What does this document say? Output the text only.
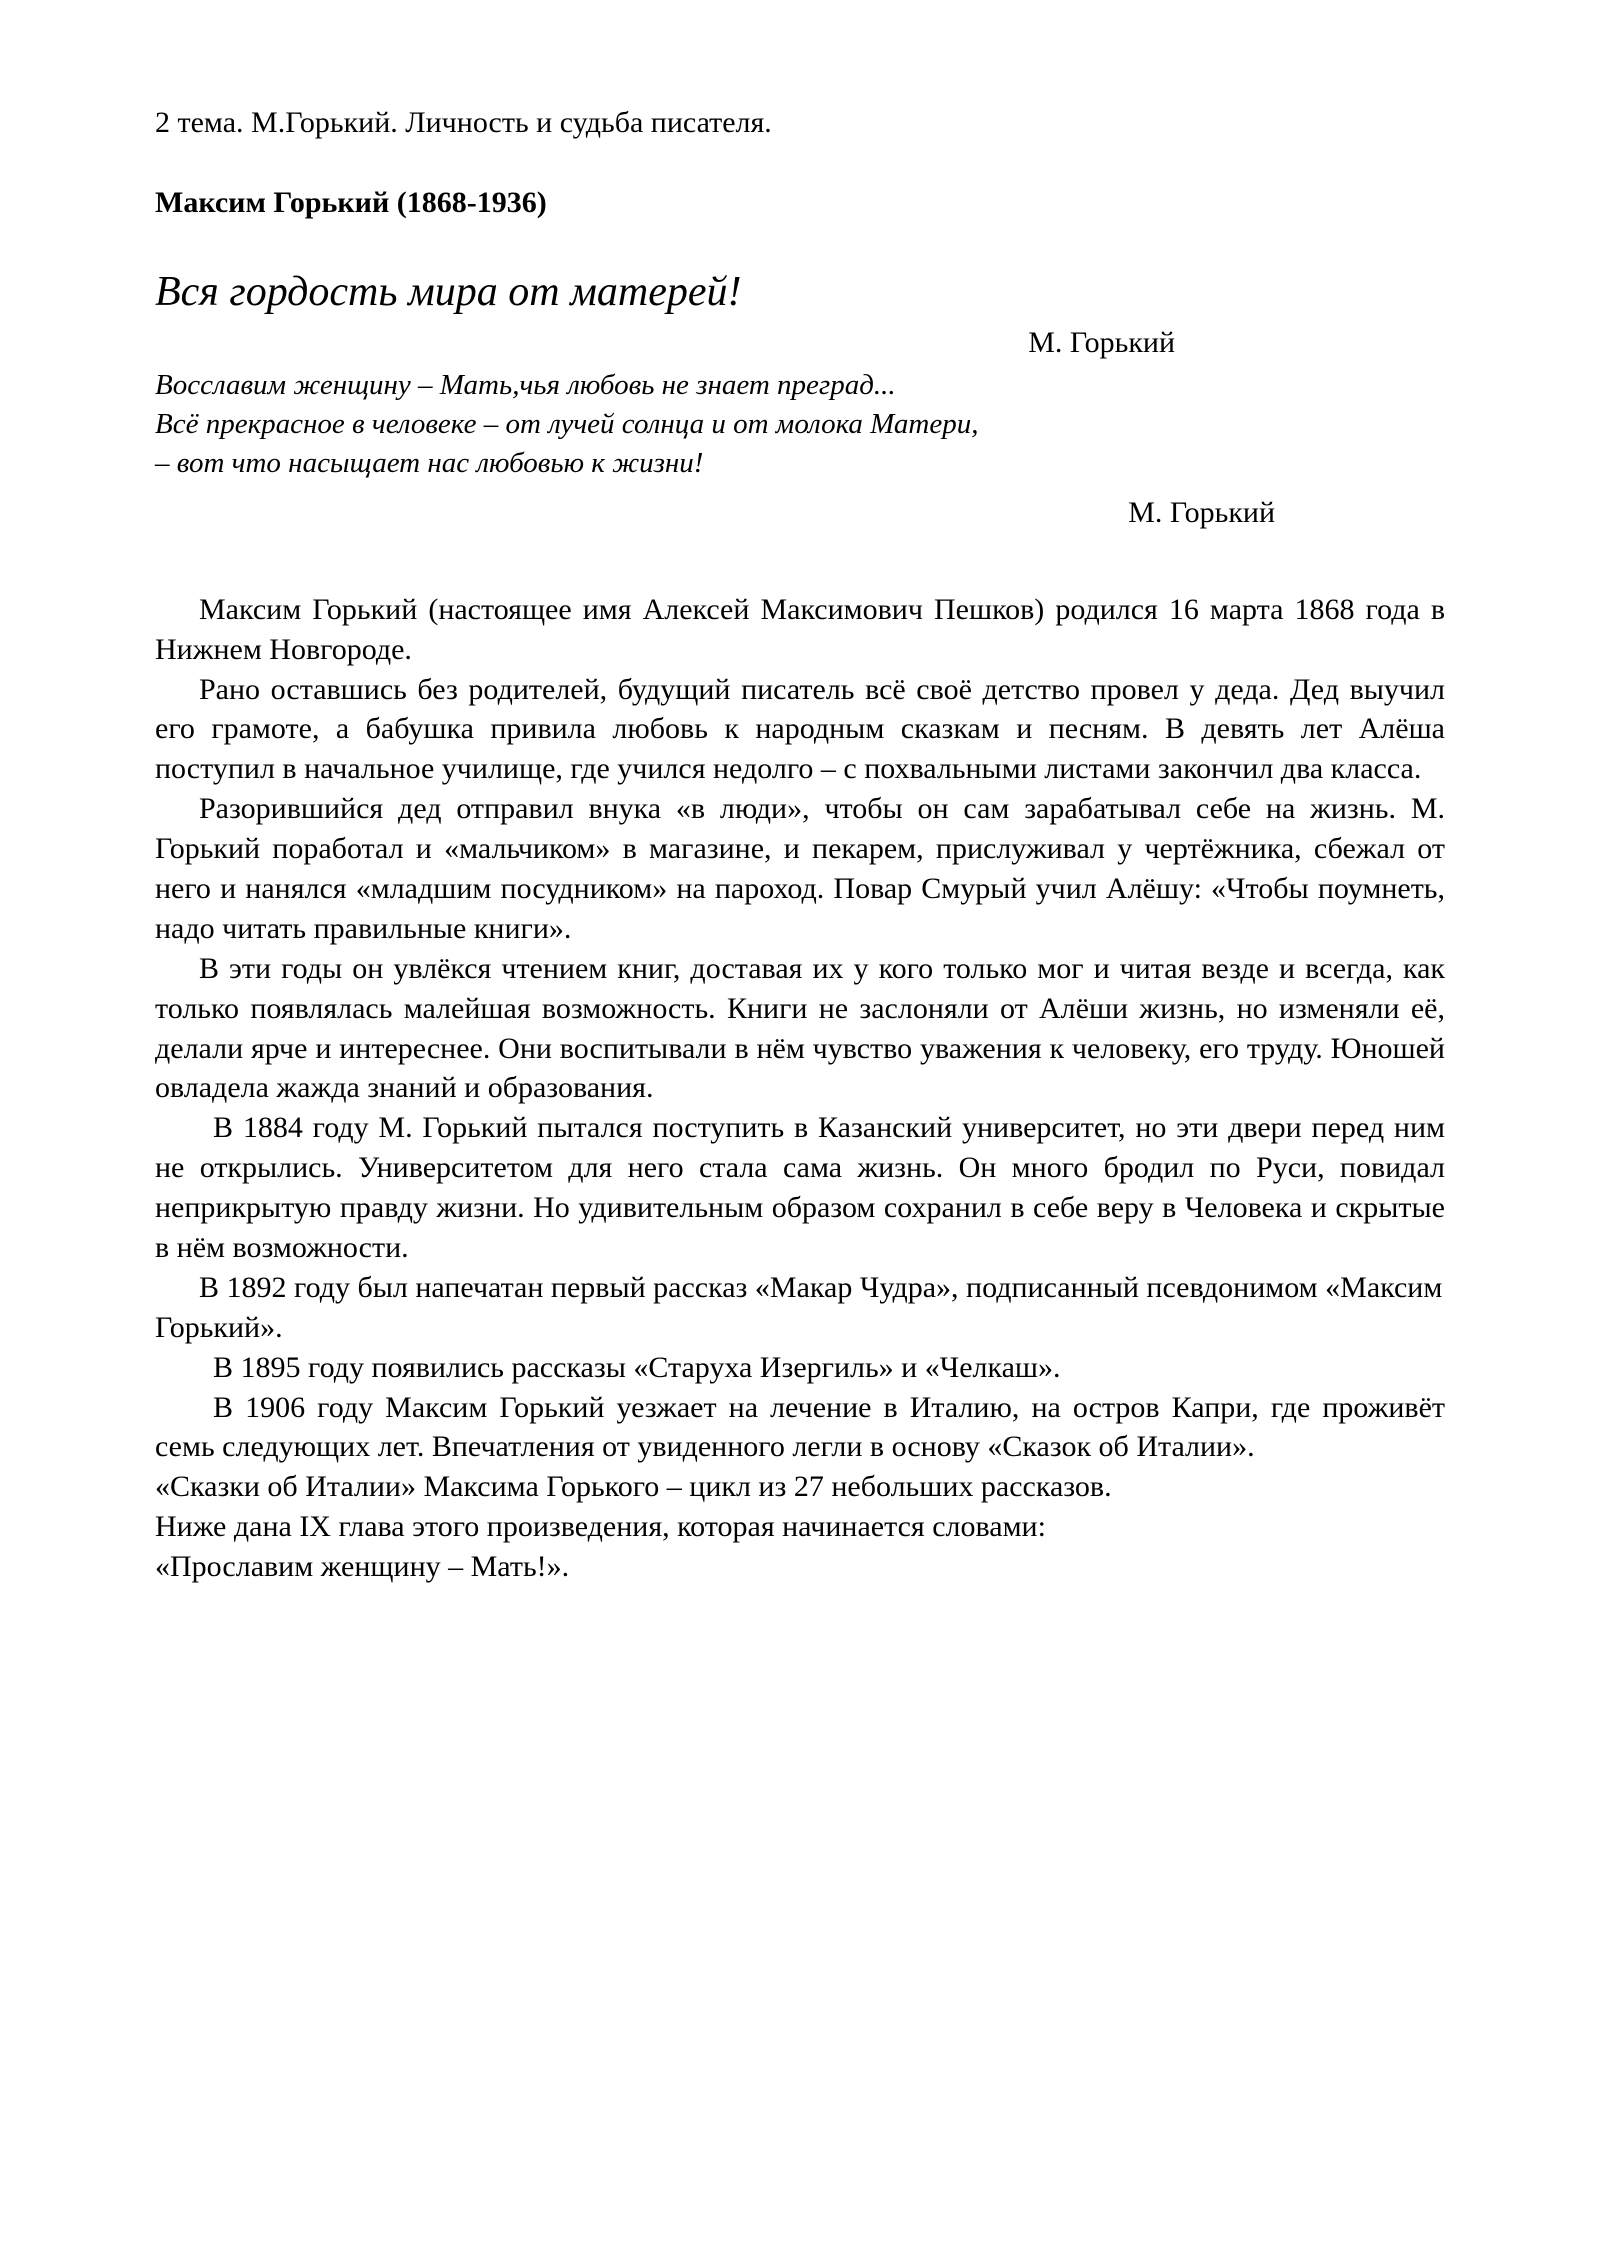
2 тема. М.Горький. Личность и судьба писателя.

Максим Горький (1868-1936)

Вся гордость мира от матерей!

М. Горький

Восславим женщину – Мать,чья любовь не знает преград...

Всё прекрасное в человеке – от лучей солнца и от молока Матери,

– вот что насыщает нас любовью к жизни!

М. Горький

Максим Горький (настоящее имя Алексей Максимович Пешков) родился 16 марта 1868 года в Нижнем Новгороде.

Рано оставшись без родителей, будущий писатель всё своё детство провел у деда. Дед выучил его грамоте, а бабушка привила любовь к народным сказкам и песням. В девять лет Алёша поступил в начальное училище, где учился недолго – с похвальными листами закончил два класса.

Разорившийся дед отправил внука «в люди», чтобы он сам зарабатывал себе на жизнь. М. Горький поработал и «мальчиком» в магазине, и пекарем, прислуживал у чертёжника, сбежал от него и нанялся «младшим посудником» на пароход. Повар Смурый учил Алёшу: «Чтобы поумнеть, надо читать правильные книги».

В эти годы он увлёкся чтением книг, доставая их у кого только мог и читая везде и всегда, как только появлялась малейшая возможность. Книги не заслоняли от Алёши жизнь, но изменяли её, делали ярче и интереснее. Они воспитывали в нём чувство уважения к человеку, его труду. Юношей овладела жажда знаний и образования.

В 1884 году М. Горький пытался поступить в Казанский университет, но эти двери перед ним не открылись. Университетом для него стала сама жизнь. Он много бродил по Руси, повидал неприкрытую правду жизни. Но удивительным образом сохранил в себе веру в Человека и скрытые в нём возможности.

В 1892 году был напечатан первый рассказ «Макар Чудра», подписанный псевдонимом «Максим Горький».

В 1895 году появились рассказы «Старуха Изергиль» и «Челкаш».

В 1906 году Максим Горький уезжает на лечение в Италию, на остров Капри, где проживёт семь следующих лет. Впечатления от увиденного легли в основу «Сказок об Италии».

«Сказки об Италии» Максима Горького – цикл из 27 небольших рассказов.

Ниже дана IX глава этого произведения, которая начинается словами:

«Прославим женщину – Мать!».
